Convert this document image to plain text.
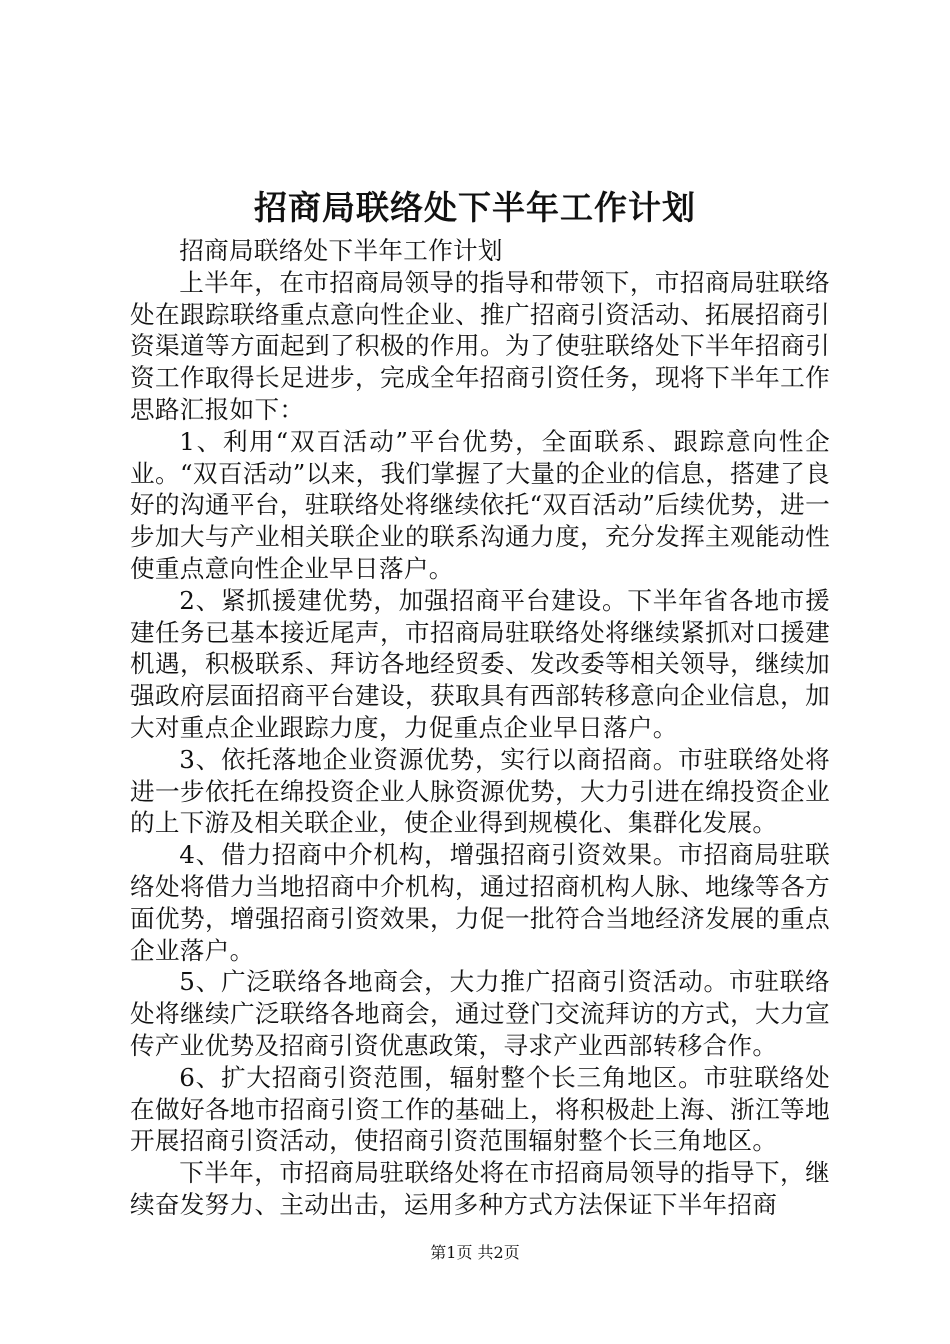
招商局联络处下半年工作计划

招商局联络处下半年工作计划

上半年，在市招商局领导的指导和带领下，市招商局驻联络处在跟踪联络重点意向性企业、推广招商引资活动、拓展招商引资渠道等方面起到了积极的作用。为了使驻联络处下半年招商引资工作取得长足进步，完成全年招商引资任务，现将下半年工作思路汇报如下：

1、利用“双百活动”平台优势，全面联系、跟踪意向性企业。“双百活动”以来，我们掌握了大量的企业的信息，搭建了良好的沟通平台，驻联络处将继续依托“双百活动”后续优势，进一步加大与产业相关联企业的联系沟通力度，充分发挥主观能动性使重点意向性企业早日落户。

2、紧抓援建优势，加强招商平台建设。下半年省各地市援建任务已基本接近尾声，市招商局驻联络处将继续紧抓对口援建机遇，积极联系、拜访各地经贸委、发改委等相关领导，继续加强政府层面招商平台建设，获取具有西部转移意向企业信息，加大对重点企业跟踪力度，力促重点企业早日落户。

3、依托落地企业资源优势，实行以商招商。市驻联络处将进一步依托在绵投资企业人脉资源优势，大力引进在绵投资企业的上下游及相关联企业，使企业得到规模化、集群化发展。

4、借力招商中介机构，增强招商引资效果。市招商局驻联络处将借力当地招商中介机构，通过招商机构人脉、地缘等各方面优势，增强招商引资效果，力促一批符合当地经济发展的重点企业落户。

5、广泛联络各地商会，大力推广招商引资活动。市驻联络处将继续广泛联络各地商会，通过登门交流拜访的方式，大力宣传产业优势及招商引资优惠政策，寻求产业西部转移合作。

6、扩大招商引资范围，辐射整个长三角地区。市驻联络处在做好各地市招商引资工作的基础上，将积极赴上海、浙江等地开展招商引资活动，使招商引资范围辐射整个长三角地区。

下半年，市招商局驻联络处将在市招商局领导的指导下，继续奋发努力、主动出击，运用多种方式方法保证下半年招商

第1页 共2页
